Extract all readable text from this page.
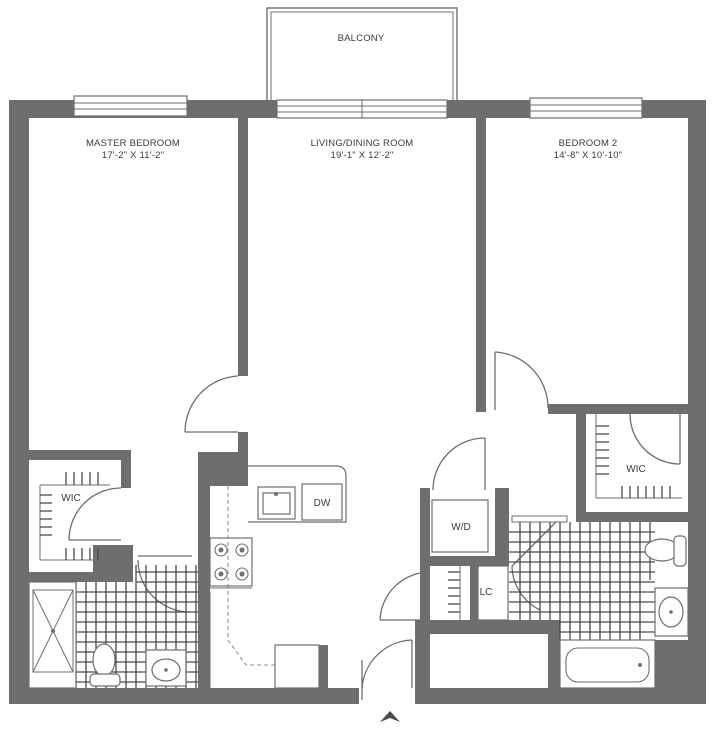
BALCONY
MASTER BEDROOM
17'-2" X 11'-2"
LIVING/DINING ROOM
19'-1" X 12'-2"
BEDROOM 2
14'-8" X 10'-10"
WIC
WIC
DW
W/D
LC
